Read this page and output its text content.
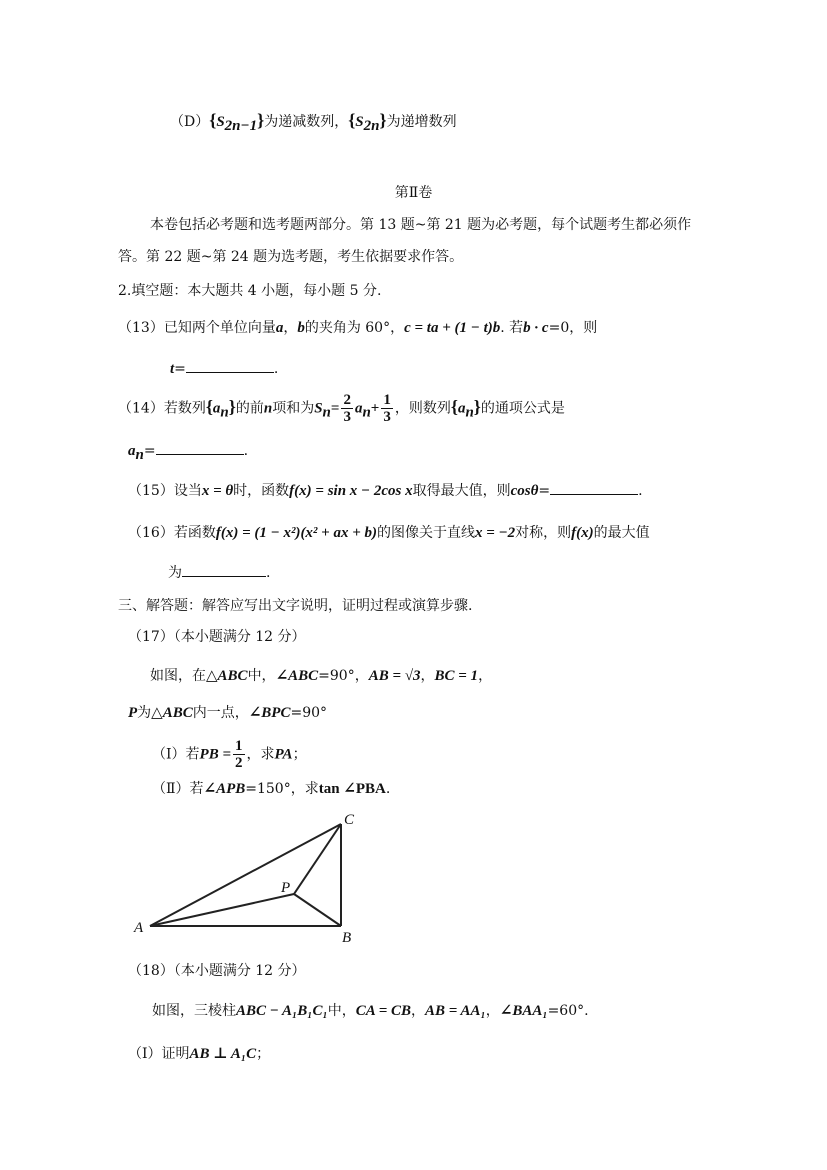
$(D)\{S_{2n-1}\}$为递减数列，$\{S_{2n}\}$为递增数列
第Ⅱ卷
本卷包括必考题和选考题两部分。第 13 题~第 21 题为必考题，每个试题考生都必须作
答。第 22 题~第 24 题为选考题，考生依据要求作答。
2.填空题：本大题共 4 小题，每小题 5 分.
（13）已知两个单位向量a，b的夹角为 60°，c = ta + (1 − t)b. 若b · c=0，则
t=	.
（14）若数列$\{a_n\}$的前n项和为$S_n= \frac{2}{3} a_n+ \frac{1}{3}$ ，则数列$\{a_n\}$的通项公式是
$a_n=$	.
（15）设当x = θ时，函数f(x) = sin x − 2cos x取得最大值，则cosθ=	.
（16）若函数f(x) = (1 − x²)(x² + ax + b)的图像关于直线x = −2对称，则f(x)的最大值
为	.
三、解答题：解答应写出文字说明，证明过程或演算步骤.
（17）（本小题满分 12 分）
如图，在△ABC中，∠ABC=90°，AB = √3，BC = 1，
P为△ABC内一点，∠BPC=90°
（Ⅰ）若PB = $\frac{1}{2}$ ，求PA；
（Ⅱ）若∠APB=150°，求tan ∠PBA.
A
B
C
P
（18）（本小题满分 12 分）
如图，三棱柱ABC − A₁B₁C₁中，CA = CB，AB = AA₁，∠BAA₁=60°.
（Ⅰ）证明AB ⊥ A₁C；
